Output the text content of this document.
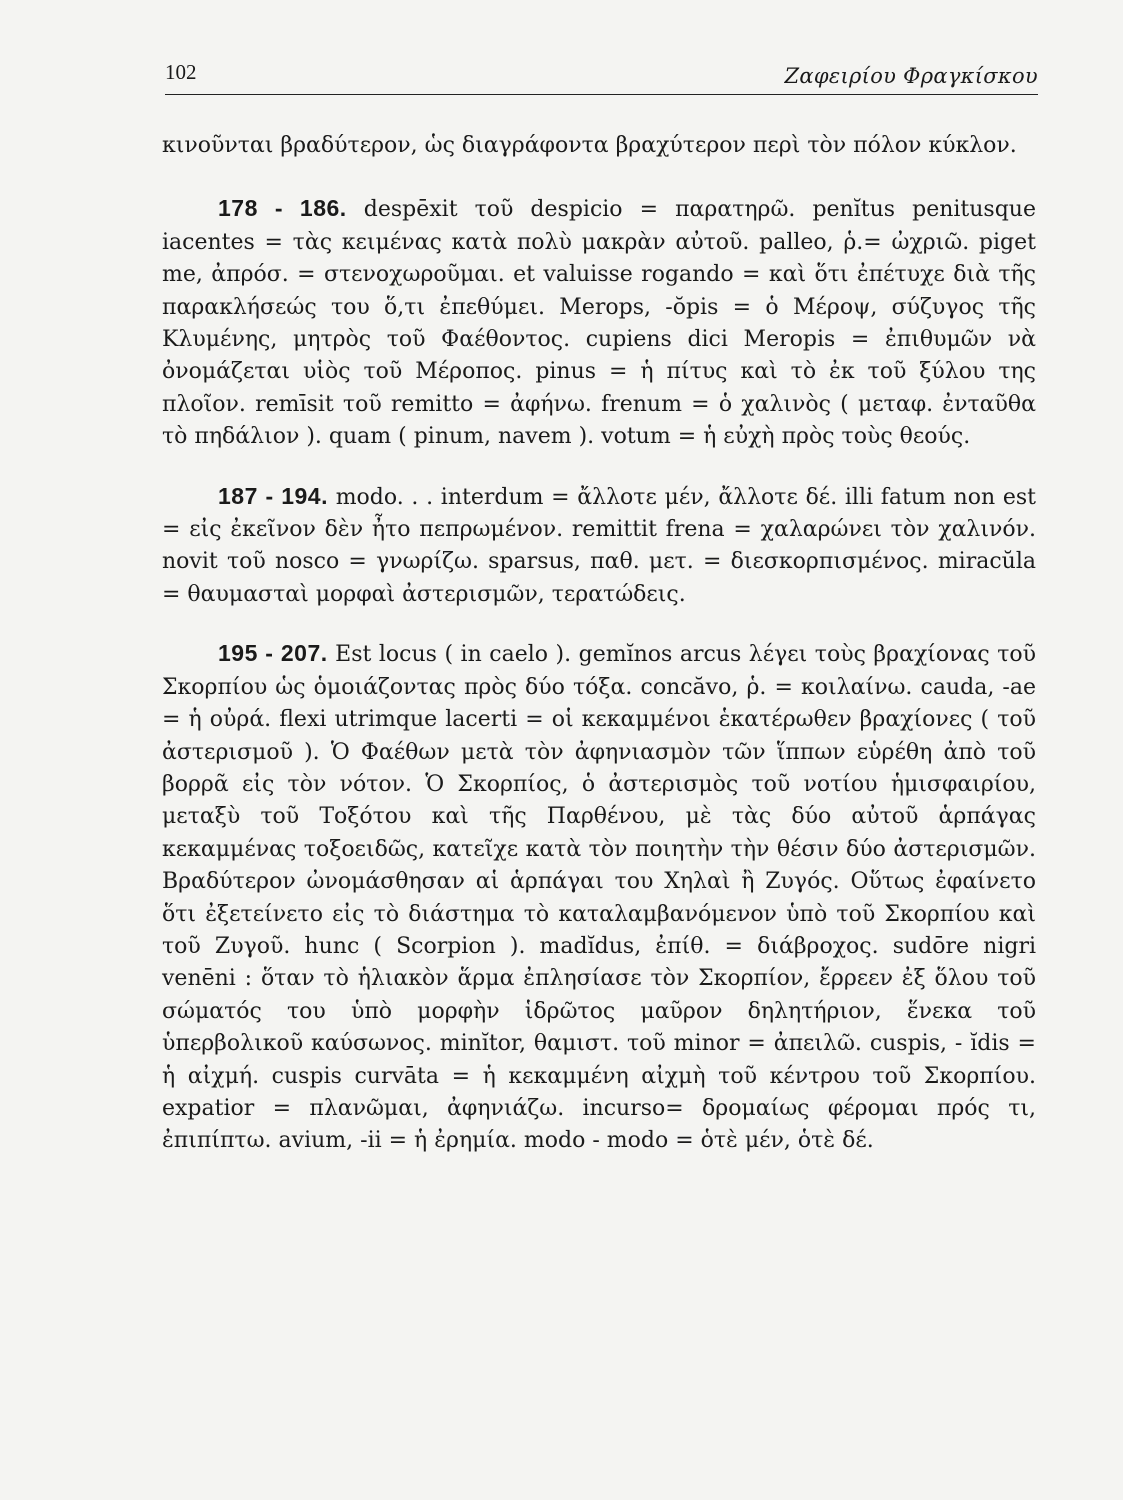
102	Ζαφειρίου Φραγκίσκου

κινοῦνται βραδύτερον, ὡς διαγράφοντα βραχύτερον περὶ τὸν πόλον κύκλον.

178 - 186. despēxit τοῦ despicio = παρατηρῶ. penĭtus penitusque iacentes = τὰς κειμένας κατὰ πολὺ μακρὰν αὐτοῦ. palleo, ῥ.= ὠχριῶ. piget me, ἀπρόσ. = στενοχωροῦμαι. et valuisse rogando = καὶ ὅτι ἐπέτυχε διὰ τῆς παρακλήσεώς του ὅ,τι ἐπεθύμει. Merops, -ŏpis = ὁ Μέροψ, σύζυγος τῆς Κλυμένης, μητρὸς τοῦ Φαέθοντος. cupiens dici Meropis = ἐπιθυμῶν νὰ ὀνομάζεται υἱὸς τοῦ Μέροπος. pinus = ἡ πίτυς καὶ τὸ ἐκ τοῦ ξύλου της πλοῖον. remīsit τοῦ remitto = ἀφήνω. frenum = ὁ χαλινὸς ( μεταφ. ἐνταῦθα τὸ πηδάλιον ). quam ( pinum, navem ). votum = ἡ εὐχὴ πρὸς τοὺς θεούς.

187 - 194. modo. . . interdum = ἄλλοτε μέν, ἄλλοτε δέ. illi fatum non est = εἰς ἐκεῖνον δὲν ἦτο πεπρωμένον. remittit frena = χαλαρώνει τὸν χαλινόν. novit τοῦ nosco = γνωρίζω. sparsus, παθ. μετ. = διεσκορπισμένος. miracŭla = θαυμασταὶ μορφαὶ ἀστερισμῶν, τερατώδεις.

195 - 207. Est locus ( in caelo ). gemĭnos arcus λέγει τοὺς βραχίονας τοῦ Σκορπίου ὡς ὁμοιάζοντας πρὸς δύο τόξα. concăvo, ῥ. = κοιλαίνω. cauda, -ae = ἡ οὐρά. flexi utrimque lacerti = οἱ κεκαμμένοι ἑκατέρωθεν βραχίονες ( τοῦ ἀστερισμοῦ ). Ὁ Φαέθων μετὰ τὸν ἀφηνιασμὸν τῶν ἵππων εὑρέθη ἀπὸ τοῦ βορρᾶ εἰς τὸν νότον. Ὁ Σκορπίος, ὁ ἀστερισμὸς τοῦ νοτίου ἡμισφαιρίου, μεταξὺ τοῦ Τοξότου καὶ τῆς Παρθένου, μὲ τὰς δύο αὐτοῦ ἁρπάγας κεκαμμένας τοξοειδῶς, κατεῖχε κατὰ τὸν ποιητὴν τὴν θέσιν δύο ἀστερισμῶν. Βραδύτερον ὠνομάσθησαν αἱ ἁρπάγαι του Χηλαὶ ἢ Ζυγός. Οὕτως ἐφαίνετο ὅτι ἐξετείνετο εἰς τὸ διάστημα τὸ καταλαμβανόμενον ὑπὸ τοῦ Σκορπίου καὶ τοῦ Ζυγοῦ. hunc ( Scorpion ). madĭdus, ἐπίθ. = διάβροχος. sudōre nigri venēni : ὅταν τὸ ἡλιακὸν ἅρμα ἐπλησίασε τὸν Σκορπίον, ἔρρεεν ἐξ ὅλου τοῦ σώματός του ὑπὸ μορφὴν ἱδρῶτος μαῦρον δηλητήριον, ἕνεκα τοῦ ὑπερβολικοῦ καύσωνος. minĭtor, θαμιστ. τοῦ minor = ἀπειλῶ. cuspis, - ĭdis = ἡ αἰχμή. cuspis curvāta = ἡ κεκαμμένη αἰχμὴ τοῦ κέντρου τοῦ Σκορπίου. expatior = πλανῶμαι, ἀφηνιάζω. incurso= δρομαίως φέρομαι πρός τι, ἐπιπίπτω. avium, -ii = ἡ ἐρημία. modo - modo = ὁτὲ μέν, ὁτὲ δέ.
